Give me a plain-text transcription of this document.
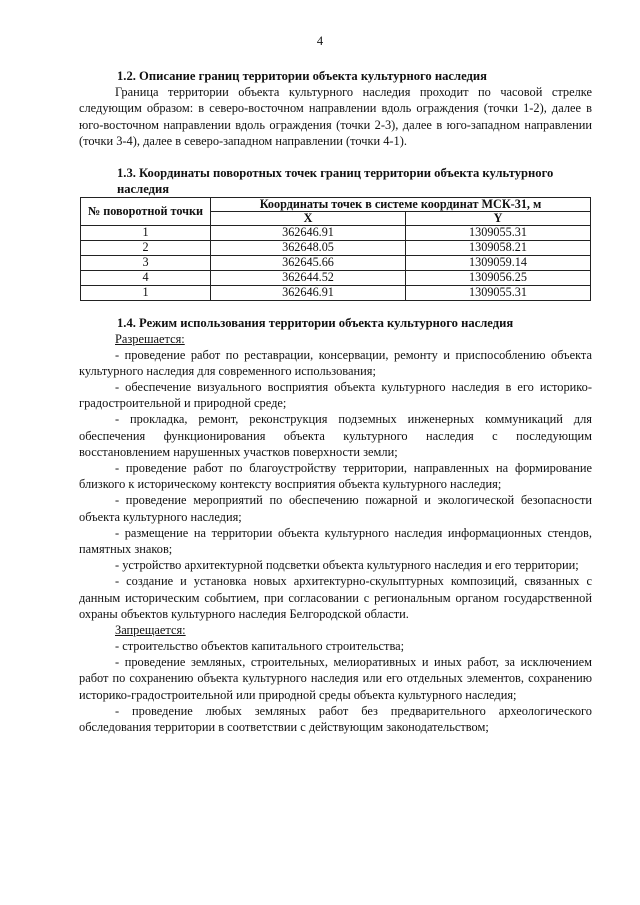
4

1.2. Описание границ территории объекта культурного наследия

Граница территории объекта культурного наследия проходит по часовой стрелке следующим образом: в северо-восточном направлении вдоль ограждения (точки 1-2), далее в юго-восточном направлении вдоль ограждения (точки 2-3), далее в юго-западном направлении (точки 3-4), далее в северо-западном направлении (точки 4-1).

1.3. Координаты поворотных точек границ территории объекта культурного наследия

№ поворотной точки	Координаты точек в системе координат МСК-31, м	
	X	Y
1	362646.91	1309055.31
2	362648.05	1309058.21
3	362645.66	1309059.14
4	362644.52	1309056.25
1	362646.91	1309055.31

1.4. Режим использования территории объекта культурного наследия

Разрешается:

- проведение работ по реставрации, консервации, ремонту и приспособлению объекта культурного наследия для современного использования;

- обеспечение визуального восприятия объекта культурного наследия в его историко-градостроительной и природной среде;

- прокладка, ремонт, реконструкция подземных инженерных коммуникаций для обеспечения функционирования объекта культурного наследия с последующим восстановлением нарушенных участков поверхности земли;

- проведение работ по благоустройству территории, направленных на формирование близкого к историческому контексту восприятия объекта культурного наследия;

- проведение мероприятий по обеспечению пожарной и экологической безопасности объекта культурного наследия;

- размещение на территории объекта культурного наследия информационных стендов, памятных знаков;

- устройство архитектурной подсветки объекта культурного наследия и его территории;

- создание и установка новых архитектурно-скульптурных композиций, связанных с данным историческим событием, при согласовании с региональным органом государственной охраны объектов культурного наследия Белгородской области.

Запрещается:

- строительство объектов капитального строительства;

- проведение земляных, строительных, мелиоративных и иных работ, за исключением работ по сохранению объекта культурного наследия или его отдельных элементов, сохранению историко-градостроительной или природной среды объекта культурного наследия;

- проведение любых земляных работ без предварительного археологического обследования территории в соответствии с действующим законодательством;
